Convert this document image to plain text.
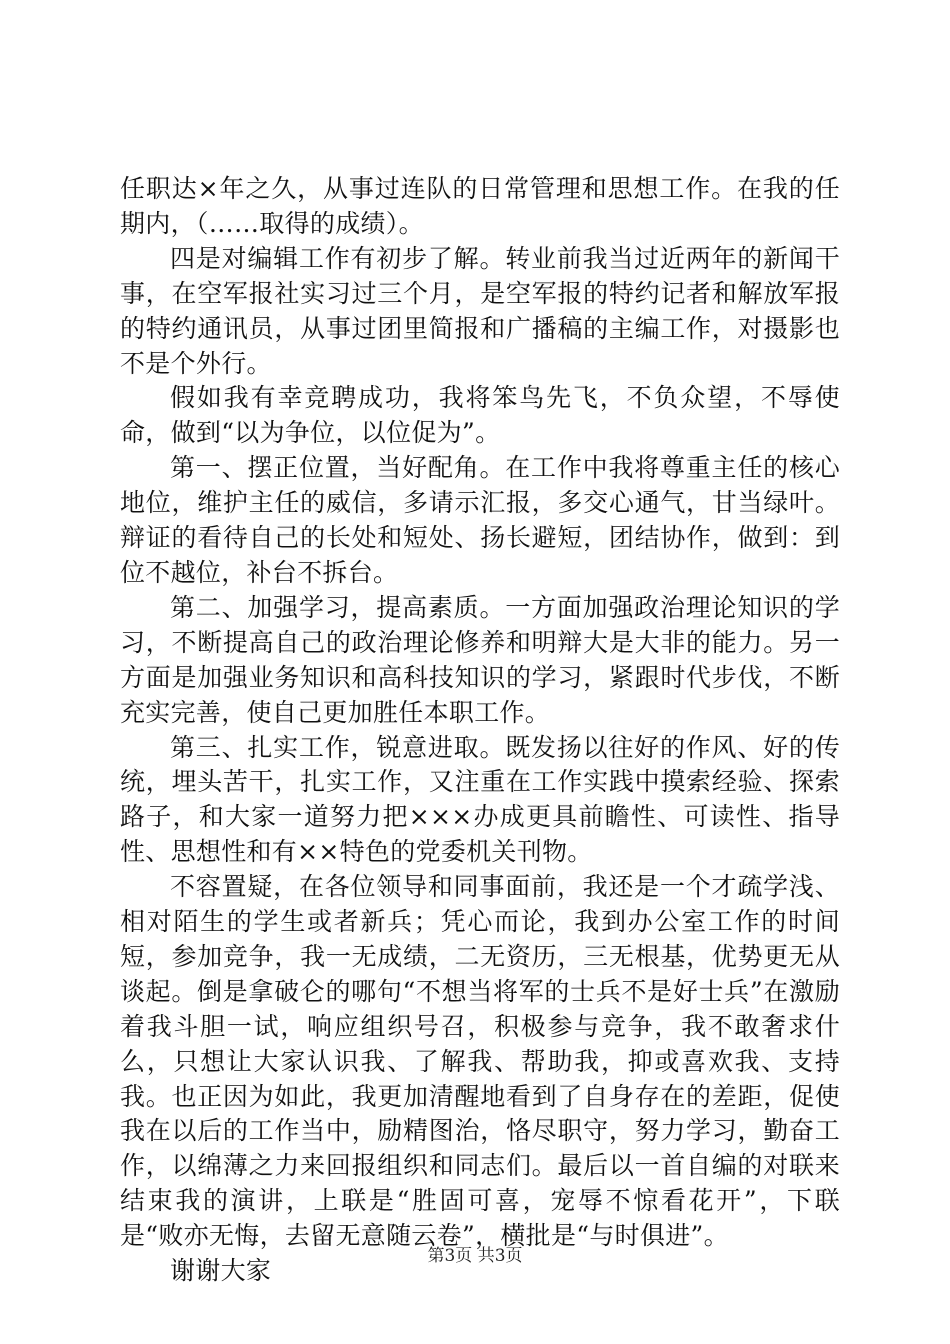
任职达×年之久，从事过连队的日常管理和思想工作。在我的任期内，（……取得的成绩）。

四是对编辑工作有初步了解。转业前我当过近两年的新闻干事，在空军报社实习过三个月，是空军报的特约记者和解放军报的特约通讯员，从事过团里简报和广播稿的主编工作，对摄影也不是个外行。

假如我有幸竞聘成功，我将笨鸟先飞，不负众望，不辱使命，做到“以为争位，以位促为”。

第一、摆正位置，当好配角。在工作中我将尊重主任的核心地位，维护主任的威信，多请示汇报，多交心通气，甘当绿叶。辩证的看待自己的长处和短处、扬长避短，团结协作，做到：到位不越位，补台不拆台。

第二、加强学习，提高素质。一方面加强政治理论知识的学习，不断提高自己的政治理论修养和明辩大是大非的能力。另一方面是加强业务知识和高科技知识的学习，紧跟时代步伐，不断充实完善，使自己更加胜任本职工作。

第三、扎实工作，锐意进取。既发扬以往好的作风、好的传统，埋头苦干，扎实工作，又注重在工作实践中摸索经验、探索路子，和大家一道努力把×××办成更具前瞻性、可读性、指导性、思想性和有××特色的党委机关刊物。

不容置疑，在各位领导和同事面前，我还是一个才疏学浅、相对陌生的学生或者新兵；凭心而论，我到办公室工作的时间短，参加竞争，我一无成绩，二无资历，三无根基，优势更无从谈起。倒是拿破仑的哪句“不想当将军的士兵不是好士兵”在激励着我斗胆一试，响应组织号召，积极参与竞争，我不敢奢求什么，只想让大家认识我、了解我、帮助我，抑或喜欢我、支持我。也正因为如此，我更加清醒地看到了自身存在的差距，促使我在以后的工作当中，励精图治，恪尽职守，努力学习，勤奋工作，以绵薄之力来回报组织和同志们。最后以一首自编的对联来结束我的演讲，上联是“胜固可喜，宠辱不惊看花开”，下联是“败亦无悔，去留无意随云卷”，横批是“与时俱进”。

谢谢大家

第3页 共3页
